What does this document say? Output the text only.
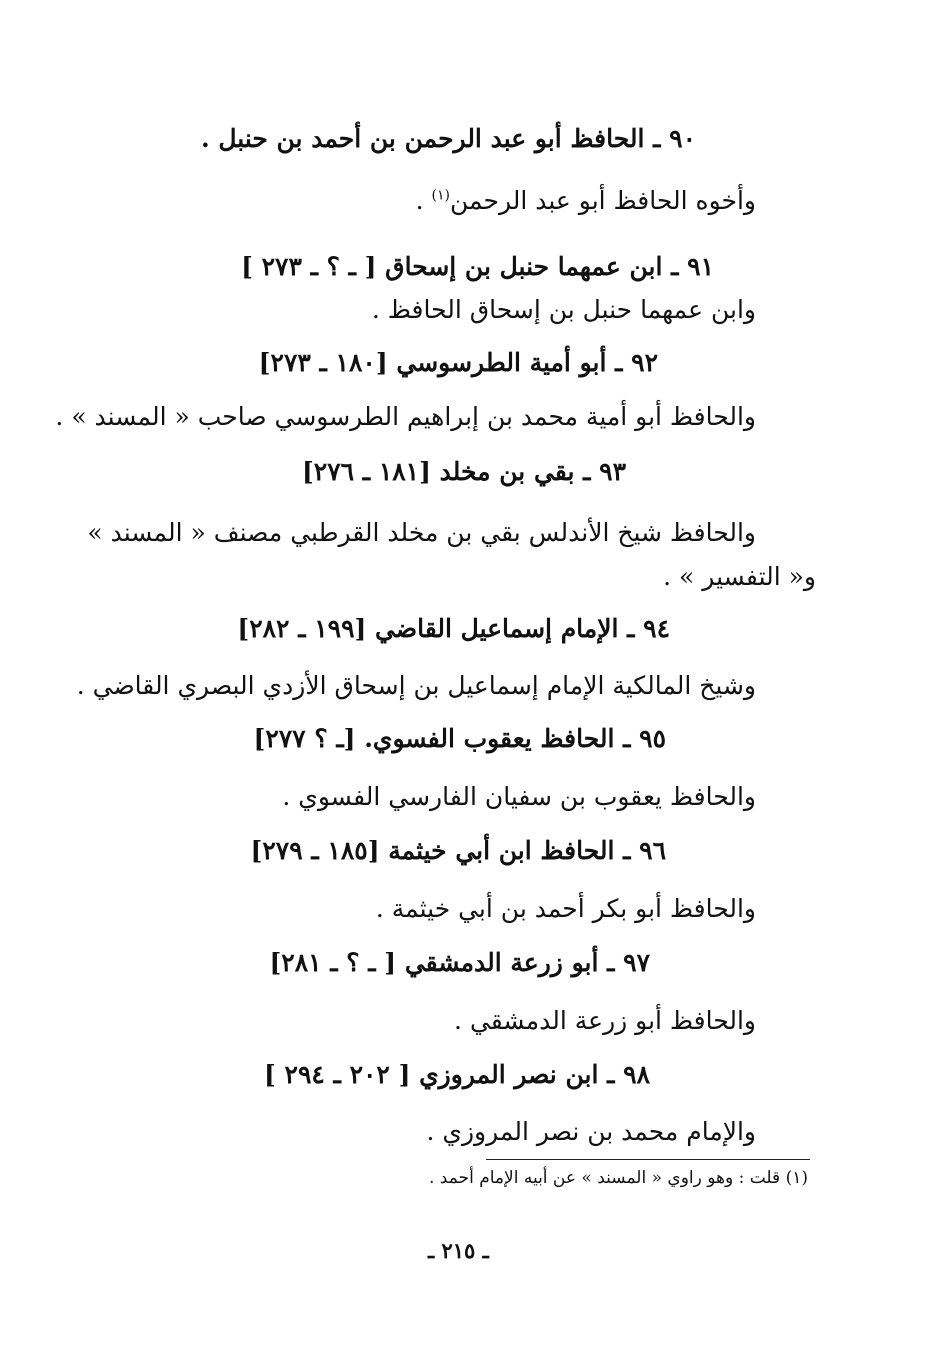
٩٠ ـ الحافظ أبو عبد الرحمن بن أحمد بن حنبل .
وأخوه الحافظ أبو عبد الرحمن$^{(١)}$ .
٩١ ـ ابن عمهما حنبل بن إسحاق [ ـ ؟ ـ ٢٧٣ ]
وابن عمهما حنبل بن إسحاق الحافظ .
٩٢ ـ أبو أمية الطرسوسي [١٨٠ ـ ٢٧٣]
والحافظ أبو أمية محمد بن إبراهيم الطرسوسي صاحب « المسند » .
٩٣ ـ بقي بن مخلد [١٨١ ـ ٢٧٦]
والحافظ شيخ الأندلس بقي بن مخلد القرطبي مصنف « المسند »
و« التفسير » .
٩٤ ـ الإمام إسماعيل القاضي [١٩٩ ـ ٢٨٢]
وشيخ المالكية الإمام إسماعيل بن إسحاق الأزدي البصري القاضي .
٩٥ ـ الحافظ يعقوب الفسوي. [ـ ؟ ٢٧٧]
والحافظ يعقوب بن سفيان الفارسي الفسوي .
٩٦ ـ الحافظ ابن أبي خيثمة [١٨٥ ـ ٢٧٩]
والحافظ أبو بكر أحمد بن أبي خيثمة .
٩٧ ـ أبو زرعة الدمشقي [ ـ ؟ ـ ٢٨١]
والحافظ أبو زرعة الدمشقي .
٩٨ ـ ابن نصر المروزي [ ٢٠٢ ـ ٢٩٤ ]
والإمام محمد بن نصر المروزي .
(١) قلت : وهو راوي « المسند » عن أبيه الإمام أحمد .
ـ ٢١٥ ـ
